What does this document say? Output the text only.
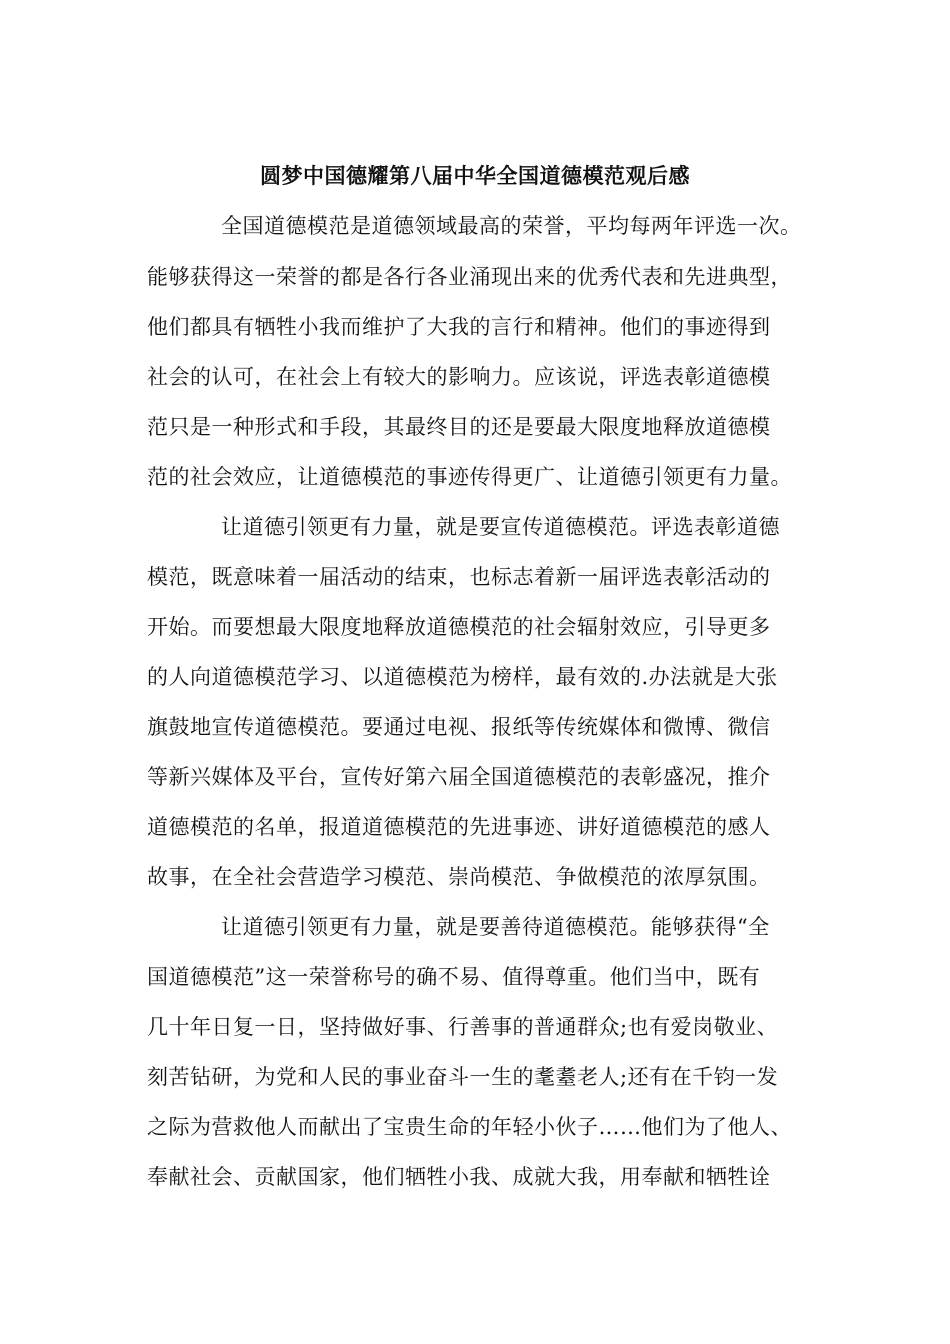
圆梦中国德耀第八届中华全国道德模范观后感
全国道德模范是道德领域最高的荣誉，平均每两年评选一次。
能够获得这一荣誉的都是各行各业涌现出来的优秀代表和先进典型，
他们都具有牺牲小我而维护了大我的言行和精神。他们的事迹得到
社会的认可，在社会上有较大的影响力。应该说，评选表彰道德模
范只是一种形式和手段，其最终目的还是要最大限度地释放道德模
范的社会效应，让道德模范的事迹传得更广、让道德引领更有力量。
让道德引领更有力量，就是要宣传道德模范。评选表彰道德
模范，既意味着一届活动的结束，也标志着新一届评选表彰活动的
开始。而要想最大限度地释放道德模范的社会辐射效应，引导更多
的人向道德模范学习、以道德模范为榜样，最有效的.办法就是大张
旗鼓地宣传道德模范。要通过电视、报纸等传统媒体和微博、微信
等新兴媒体及平台，宣传好第六届全国道德模范的表彰盛况，推介
道德模范的名单，报道道德模范的先进事迹、讲好道德模范的感人
故事，在全社会营造学习模范、崇尚模范、争做模范的浓厚氛围。
让道德引领更有力量，就是要善待道德模范。能够获得“全
国道德模范”这一荣誉称号的确不易、值得尊重。他们当中，既有
几十年日复一日，坚持做好事、行善事的普通群众;也有爱岗敬业、
刻苦钻研，为党和人民的事业奋斗一生的耄耋老人;还有在千钧一发
之际为营救他人而献出了宝贵生命的年轻小伙子……他们为了他人、
奉献社会、贡献国家，他们牺牲小我、成就大我，用奉献和牺牲诠
